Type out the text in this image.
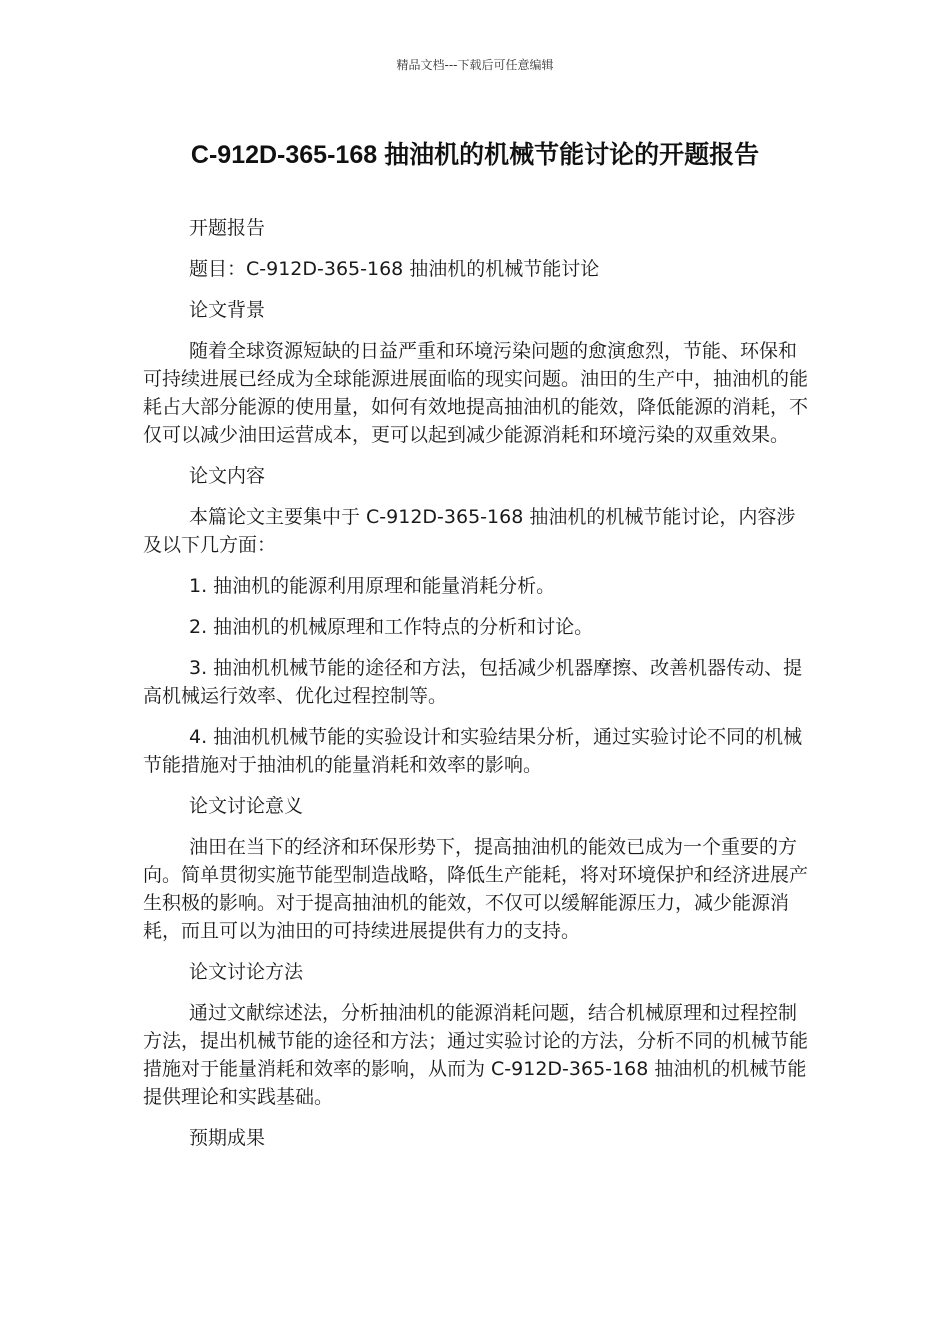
精品文档---下载后可任意编辑
C-912D-365-168 抽油机的机械节能讨论的开题报告

开题报告

题目：C-912D-365-168 抽油机的机械节能讨论

论文背景

随着全球资源短缺的日益严重和环境污染问题的愈演愈烈，节能、环保和可持续进展已经成为全球能源进展面临的现实问题。油田的生产中，抽油机的能耗占大部分能源的使用量，如何有效地提高抽油机的能效，降低能源的消耗，不仅可以减少油田运营成本，更可以起到减少能源消耗和环境污染的双重效果。

论文内容

本篇论文主要集中于 C-912D-365-168 抽油机的机械节能讨论，内容涉及以下几方面：

1. 抽油机的能源利用原理和能量消耗分析。

2. 抽油机的机械原理和工作特点的分析和讨论。

3. 抽油机机械节能的途径和方法，包括减少机器摩擦、改善机器传动、提高机械运行效率、优化过程控制等。

4. 抽油机机械节能的实验设计和实验结果分析，通过实验讨论不同的机械节能措施对于抽油机的能量消耗和效率的影响。

论文讨论意义

油田在当下的经济和环保形势下，提高抽油机的能效已成为一个重要的方向。简单贯彻实施节能型制造战略，降低生产能耗，将对环境保护和经济进展产生积极的影响。对于提高抽油机的能效，不仅可以缓解能源压力，减少能源消耗，而且可以为油田的可持续进展提供有力的支持。

论文讨论方法

通过文献综述法，分析抽油机的能源消耗问题，结合机械原理和过程控制方法，提出机械节能的途径和方法；通过实验讨论的方法，分析不同的机械节能措施对于能量消耗和效率的影响，从而为 C-912D-365-168 抽油机的机械节能提供理论和实践基础。

预期成果
